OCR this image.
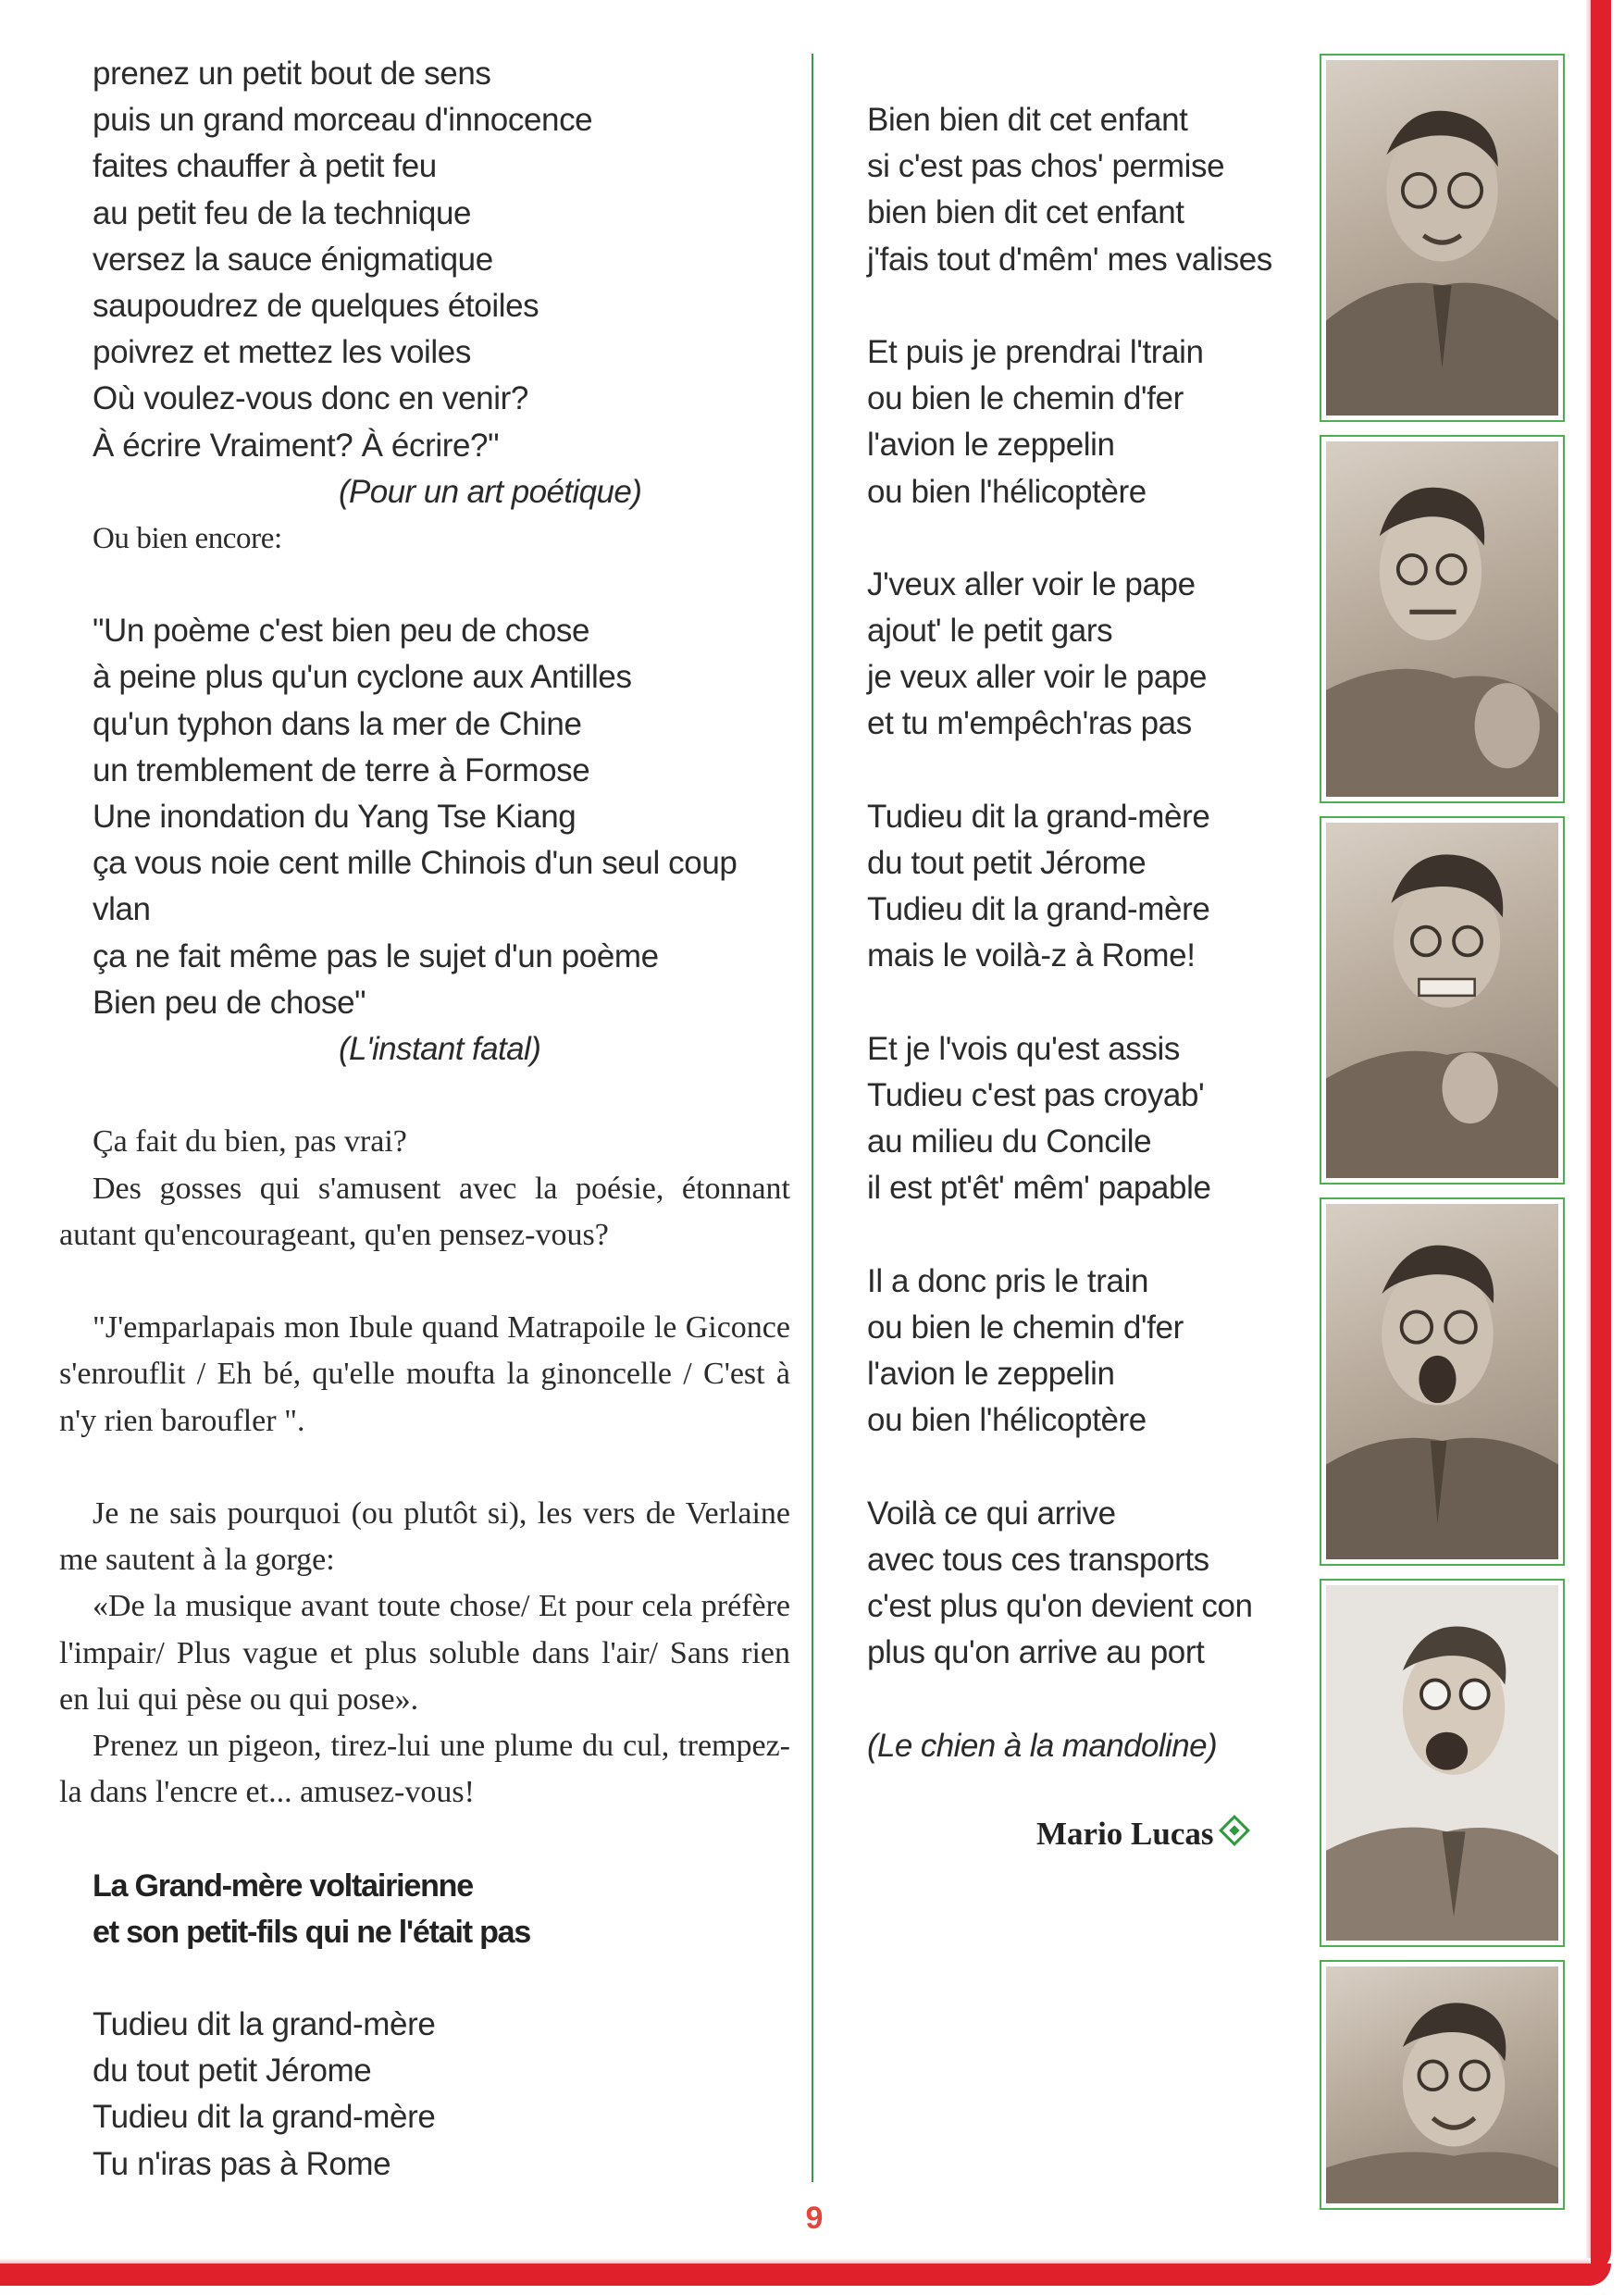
prenez un petit bout de sens
puis un grand morceau d'innocence
faites chauffer à petit feu
au petit feu de la technique
versez la sauce énigmatique
saupoudrez de quelques étoiles
poivrez et mettez les voiles
Où voulez-vous donc en venir?
À écrire Vraiment? À écrire?"
(Pour un art poétique)
Ou bien encore:
"Un poème c'est bien peu de chose
à peine plus qu'un cyclone aux Antilles
qu'un typhon dans la mer de Chine
un tremblement de terre à Formose
Une inondation du Yang Tse Kiang
ça vous noie cent mille Chinois d'un seul coup
vlan
ça ne fait même pas le sujet d'un poème
Bien peu de chose"
(L'instant fatal)

Ça fait du bien, pas vrai?

Des gosses qui s'amusent avec la poésie, étonnant autant qu'encourageant, qu'en pensez-vous?

"J'emparlapais mon Ibule quand Matrapoile le Giconce s'enrouflit / Eh bé, qu'elle moufta la ginoncelle / C'est à n'y rien baroufler ".

Je ne sais pourquoi (ou plutôt si), les vers de Verlaine me sautent à la gorge:

«De la musique avant toute chose/ Et pour cela préfère l'impair/ Plus vague et plus soluble dans l'air/ Sans rien en lui qui pèse ou qui pose».

Prenez un pigeon, tirez-lui une plume du cul, trempez-la dans l'encre et... amusez-vous!

La Grand-mère voltairienne
et son petit-fils qui ne l'était pas
Tudieu dit la grand-mère
du tout petit Jérome
Tudieu dit la grand-mère
Tu n'iras pas à Rome
Bien bien dit cet enfant
si c'est pas chos' permise
bien bien dit cet enfant
j'fais tout d'mêm' mes valises
Et puis je prendrai l'train
ou bien le chemin d'fer
l'avion le zeppelin
ou bien l'hélicoptère
J'veux aller voir le pape
ajout' le petit gars
je veux aller voir le pape
et tu m'empêch'ras pas
Tudieu dit la grand-mère
du tout petit Jérome
Tudieu dit la grand-mère
mais le voilà-z à Rome!
Et je l'vois qu'est assis
Tudieu c'est pas croyab'
au milieu du Concile
il est pt'êt' mêm' papable
Il a donc pris le train
ou bien le chemin d'fer
l'avion le zeppelin
ou bien l'hélicoptère
Voilà ce qui arrive
avec tous ces transports
c'est plus qu'on devient con
plus qu'on arrive au port
(Le chien à la mandoline)
Mario Lucas
9
